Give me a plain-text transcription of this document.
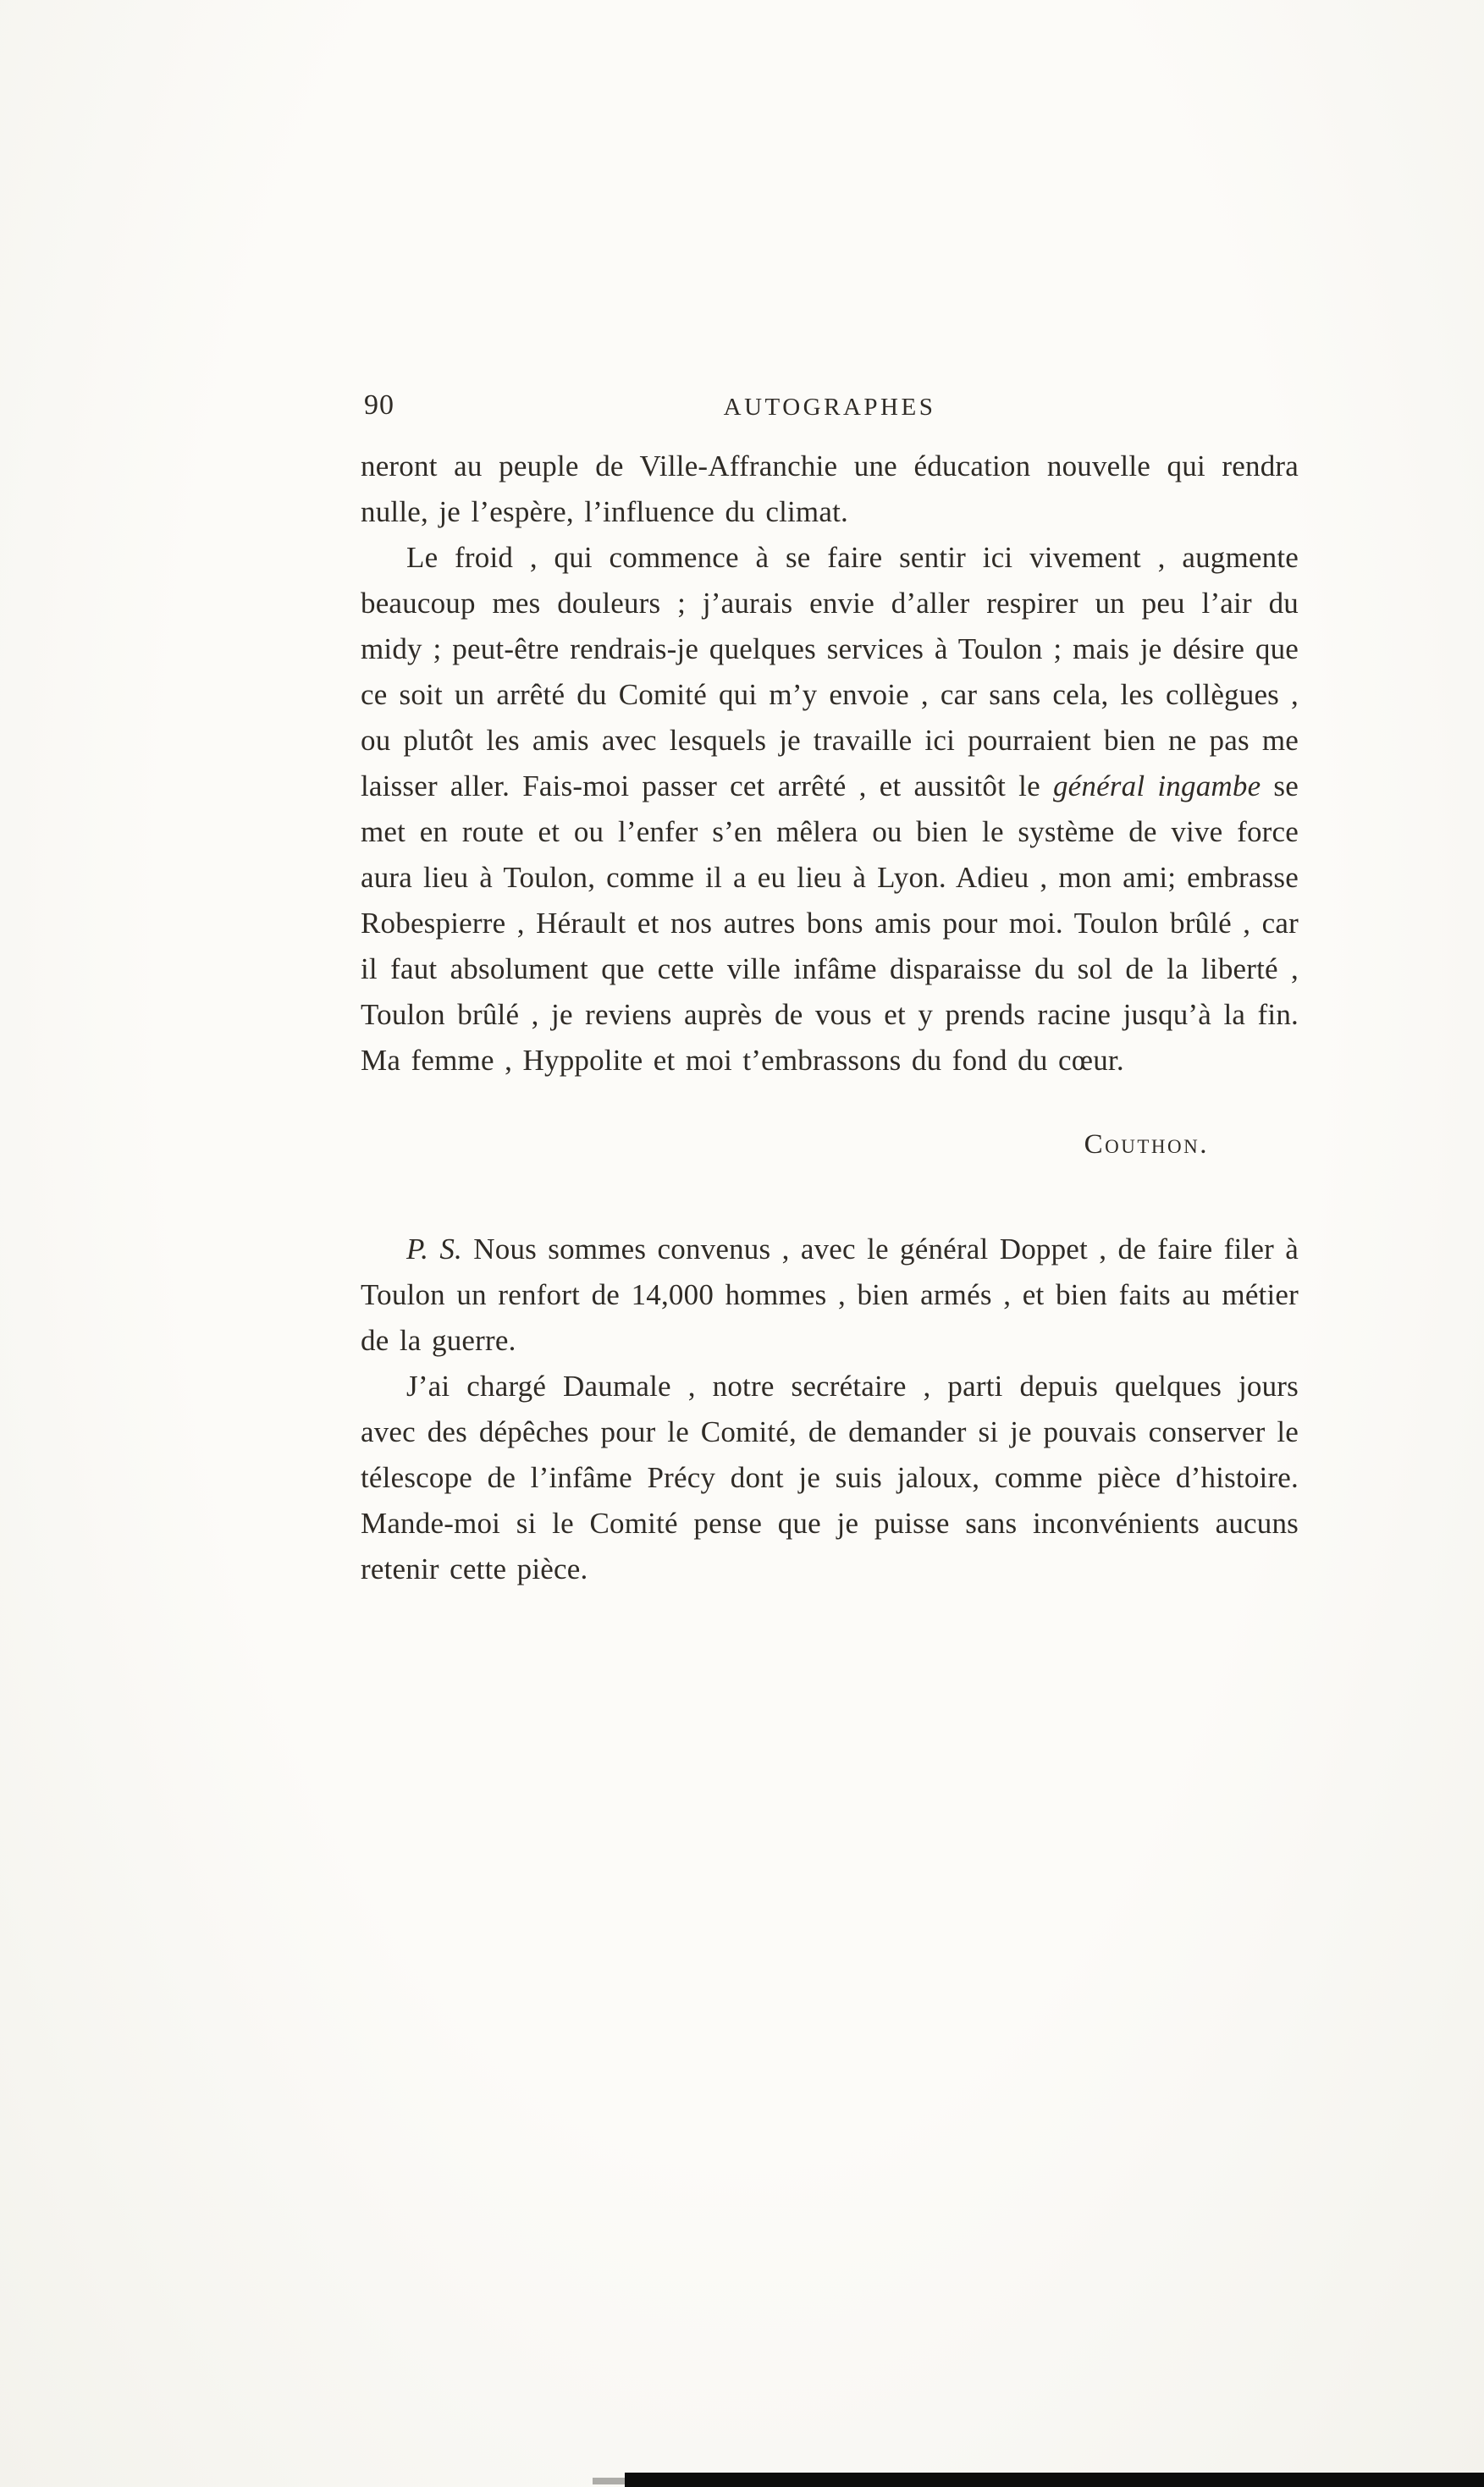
90	AUTOGRAPHES

neront au peuple de Ville-Affranchie une éducation nouvelle qui rendra nulle, je l’espère, l’influence du climat.

Le froid , qui commence à se faire sentir ici vivement , augmente beaucoup mes douleurs ; j’aurais envie d’aller respirer un peu l’air du midy ; peut-être rendrais-je quelques services à Toulon ; mais je désire que ce soit un arrêté du Comité qui m’y envoie , car sans cela, les collègues , ou plutôt les amis avec lesquels je travaille ici pourraient bien ne pas me laisser aller. Fais-moi passer cet arrêté , et aussitôt le général ingambe se met en route et ou l’enfer s’en mêlera ou bien le système de vive force aura lieu à Toulon, comme il a eu lieu à Lyon. Adieu , mon ami; embrasse Robespierre , Hérault et nos autres bons amis pour moi. Toulon brûlé , car il faut absolument que cette ville infâme disparaisse du sol de la liberté , Toulon brûlé , je reviens auprès de vous et y prends racine jusqu’à la fin. Ma femme , Hyppolite et moi t’embrassons du fond du cœur.

Couthon.

P. S. Nous sommes convenus , avec le général Doppet , de faire filer à Toulon un renfort de 14,000 hommes , bien armés , et bien faits au métier de la guerre.

J’ai chargé Daumale , notre secrétaire , parti depuis quelques jours avec des dépêches pour le Comité, de demander si je pouvais conserver le télescope de l’infâme Précy dont je suis jaloux, comme pièce d’histoire. Mande-moi si le Comité pense que je puisse sans inconvénients aucuns retenir cette pièce.
